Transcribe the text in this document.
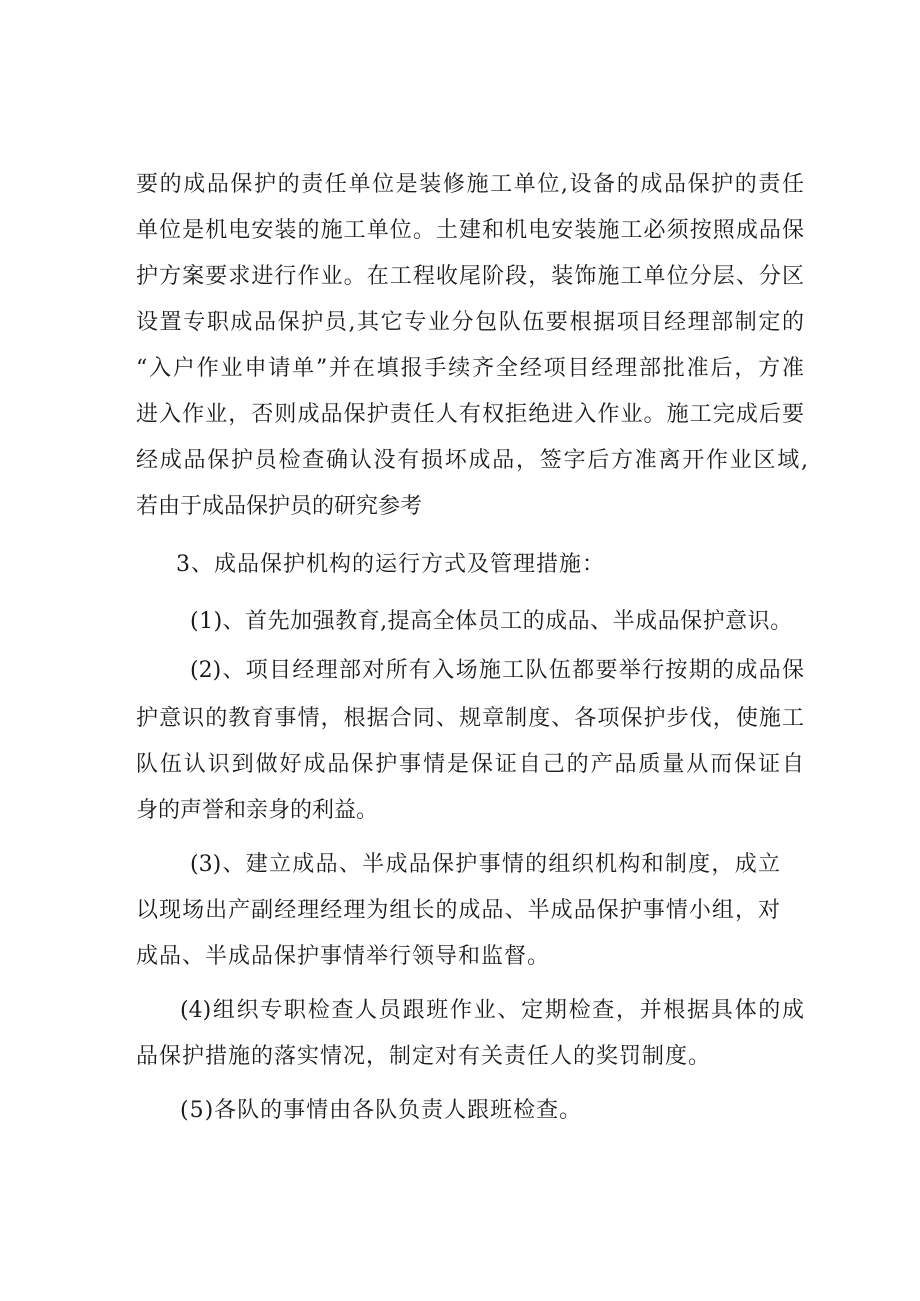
要的成品保护的责任单位是装修施工单位,设备的成品保护的责任

单位是机电安装的施工单位。土建和机电安装施工必须按照成品保

护方案要求进行作业。在工程收尾阶段，装饰施工单位分层、分区

设置专职成品保护员,其它专业分包队伍要根据项目经理部制定的

“入户作业申请单”并在填报手续齐全经项目经理部批准后，方准

进入作业，否则成品保护责任人有权拒绝进入作业。施工完成后要

经成品保护员检查确认没有损坏成品，签字后方准离开作业区域,

若由于成品保护员的研究参考

3、成品保护机构的运行方式及管理措施：

(1)、首先加强教育,提高全体员工的成品、半成品保护意识。

(2)、项目经理部对所有入场施工队伍都要举行按期的成品保

护意识的教育事情，根据合同、规章制度、各项保护步伐，使施工

队伍认识到做好成品保护事情是保证自己的产品质量从而保证自

身的声誉和亲身的利益。

(3)、建立成品、半成品保护事情的组织机构和制度，成立

以现场出产副经理经理为组长的成品、半成品保护事情小组，对

成品、半成品保护事情举行领导和监督。

(4)组织专职检查人员跟班作业、定期检查，并根据具体的成

品保护措施的落实情况，制定对有关责任人的奖罚制度。

(5)各队的事情由各队负责人跟班检查。
